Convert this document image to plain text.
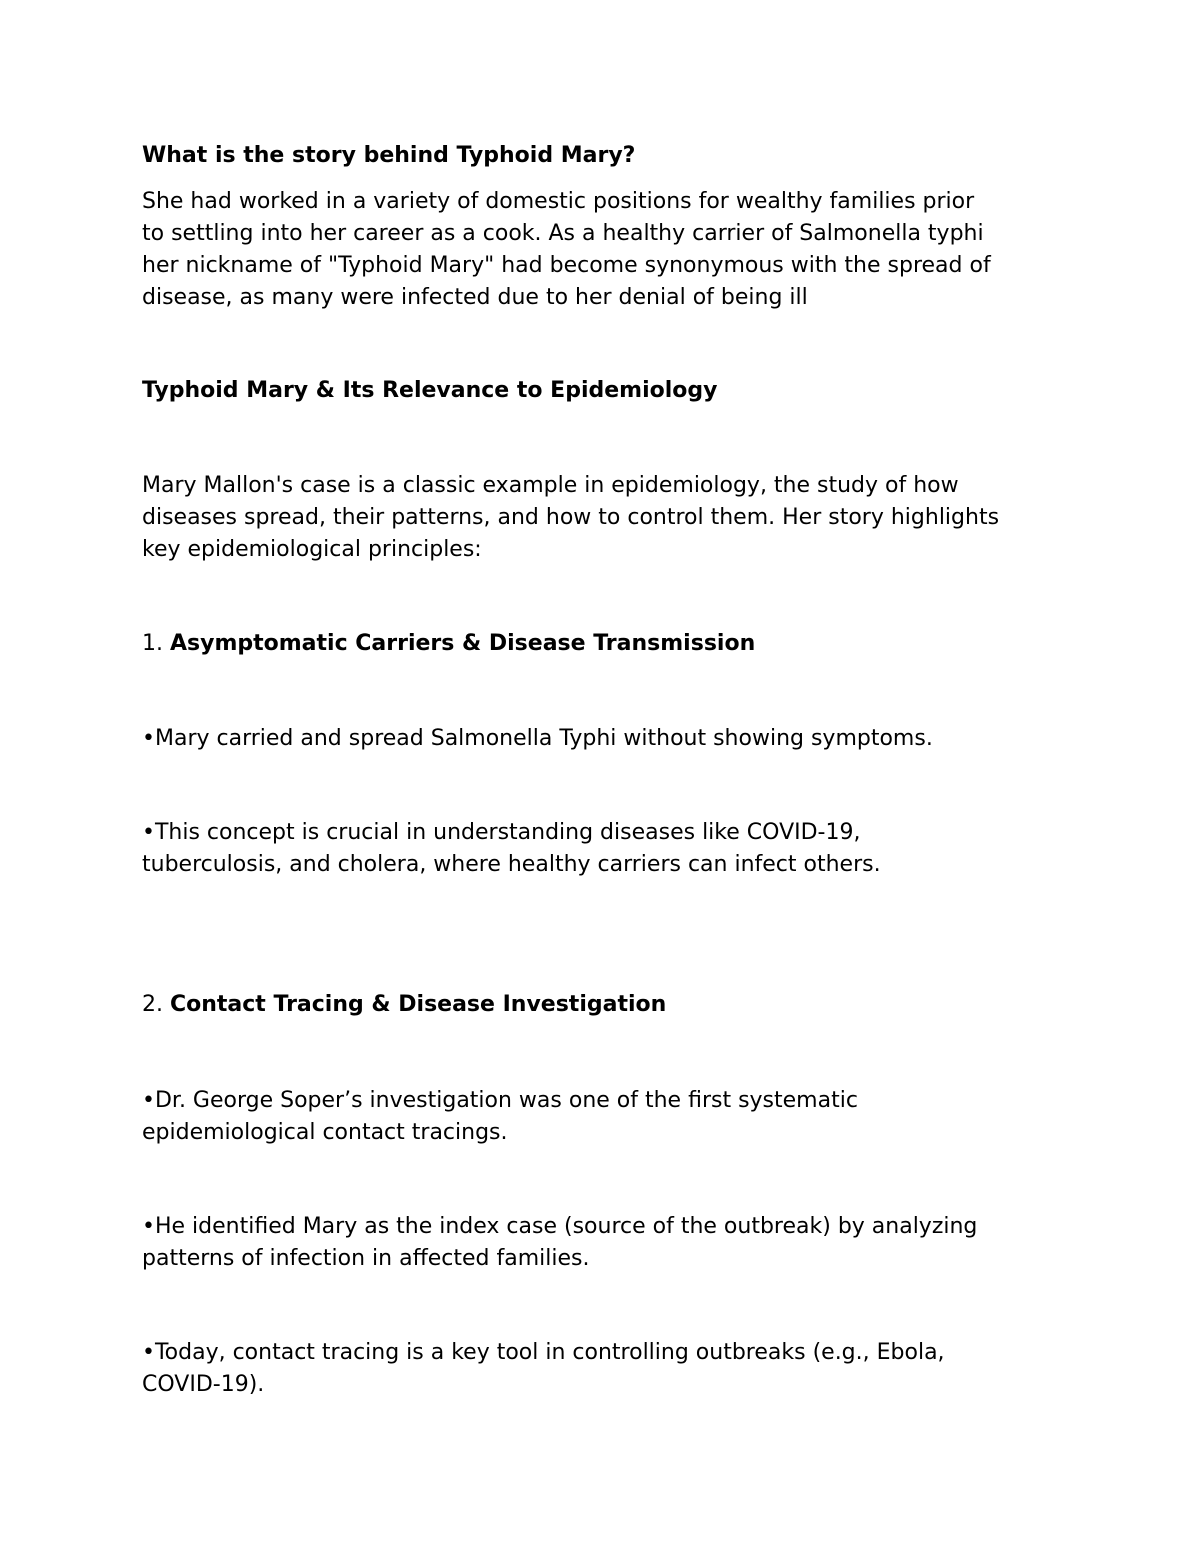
What is the story behind Typhoid Mary?
She had worked in a variety of domestic positions for wealthy families prior
to settling into her career as a cook. As a healthy carrier of Salmonella typhi
her nickname of "Typhoid Mary" had become synonymous with the spread of
disease, as many were infected due to her denial of being ill
Typhoid Mary & Its Relevance to Epidemiology
Mary Mallon's case is a classic example in epidemiology, the study of how
diseases spread, their patterns, and how to control them. Her story highlights
key epidemiological principles:
1. Asymptomatic Carriers & Disease Transmission
•Mary carried and spread Salmonella Typhi without showing symptoms.
•This concept is crucial in understanding diseases like COVID-19,
tuberculosis, and cholera, where healthy carriers can infect others.
2. Contact Tracing & Disease Investigation
•Dr. George Soper’s investigation was one of the first systematic
epidemiological contact tracings.
•He identified Mary as the index case (source of the outbreak) by analyzing
patterns of infection in affected families.
•Today, contact tracing is a key tool in controlling outbreaks (e.g., Ebola,
COVID-19).
